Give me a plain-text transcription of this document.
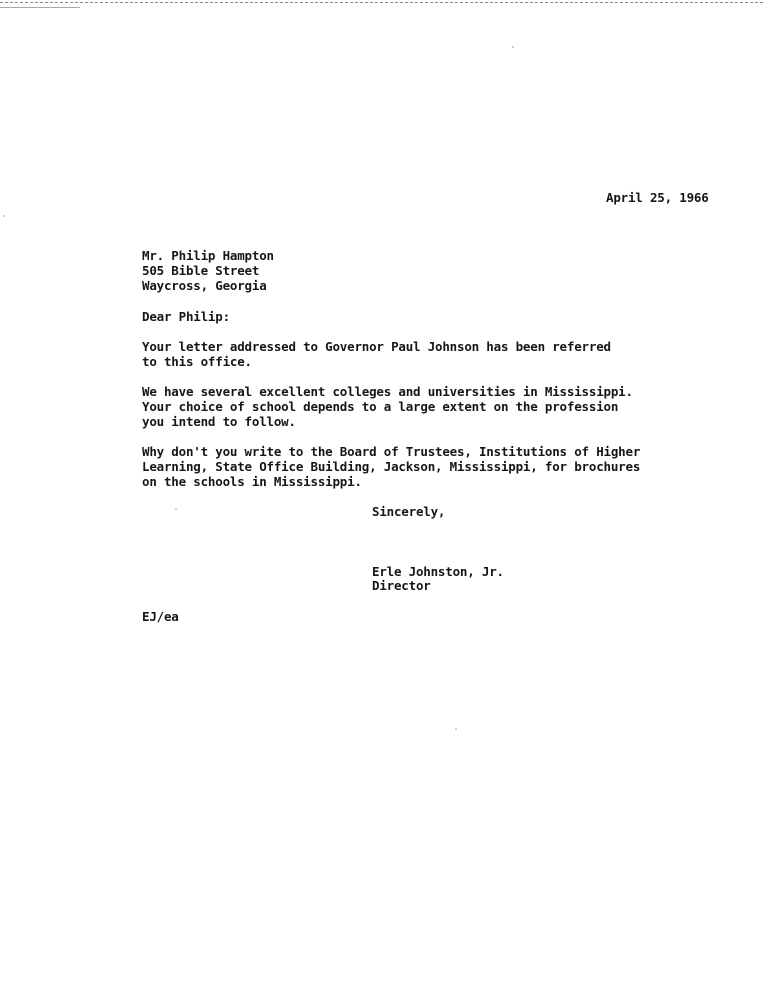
April 25, 1966
Mr. Philip Hampton
505 Bible Street
Waycross, Georgia
Dear Philip:
Your letter addressed to Governor Paul Johnson has been referred
to this office.
We have several excellent colleges and universities in Mississippi.
Your choice of school depends to a large extent on the profession
you intend to follow.
Why don't you write to the Board of Trustees, Institutions of Higher
Learning, State Office Building, Jackson, Mississippi, for brochures
on the schools in Mississippi.
Sincerely,
Erle Johnston, Jr.
Director
EJ/ea
